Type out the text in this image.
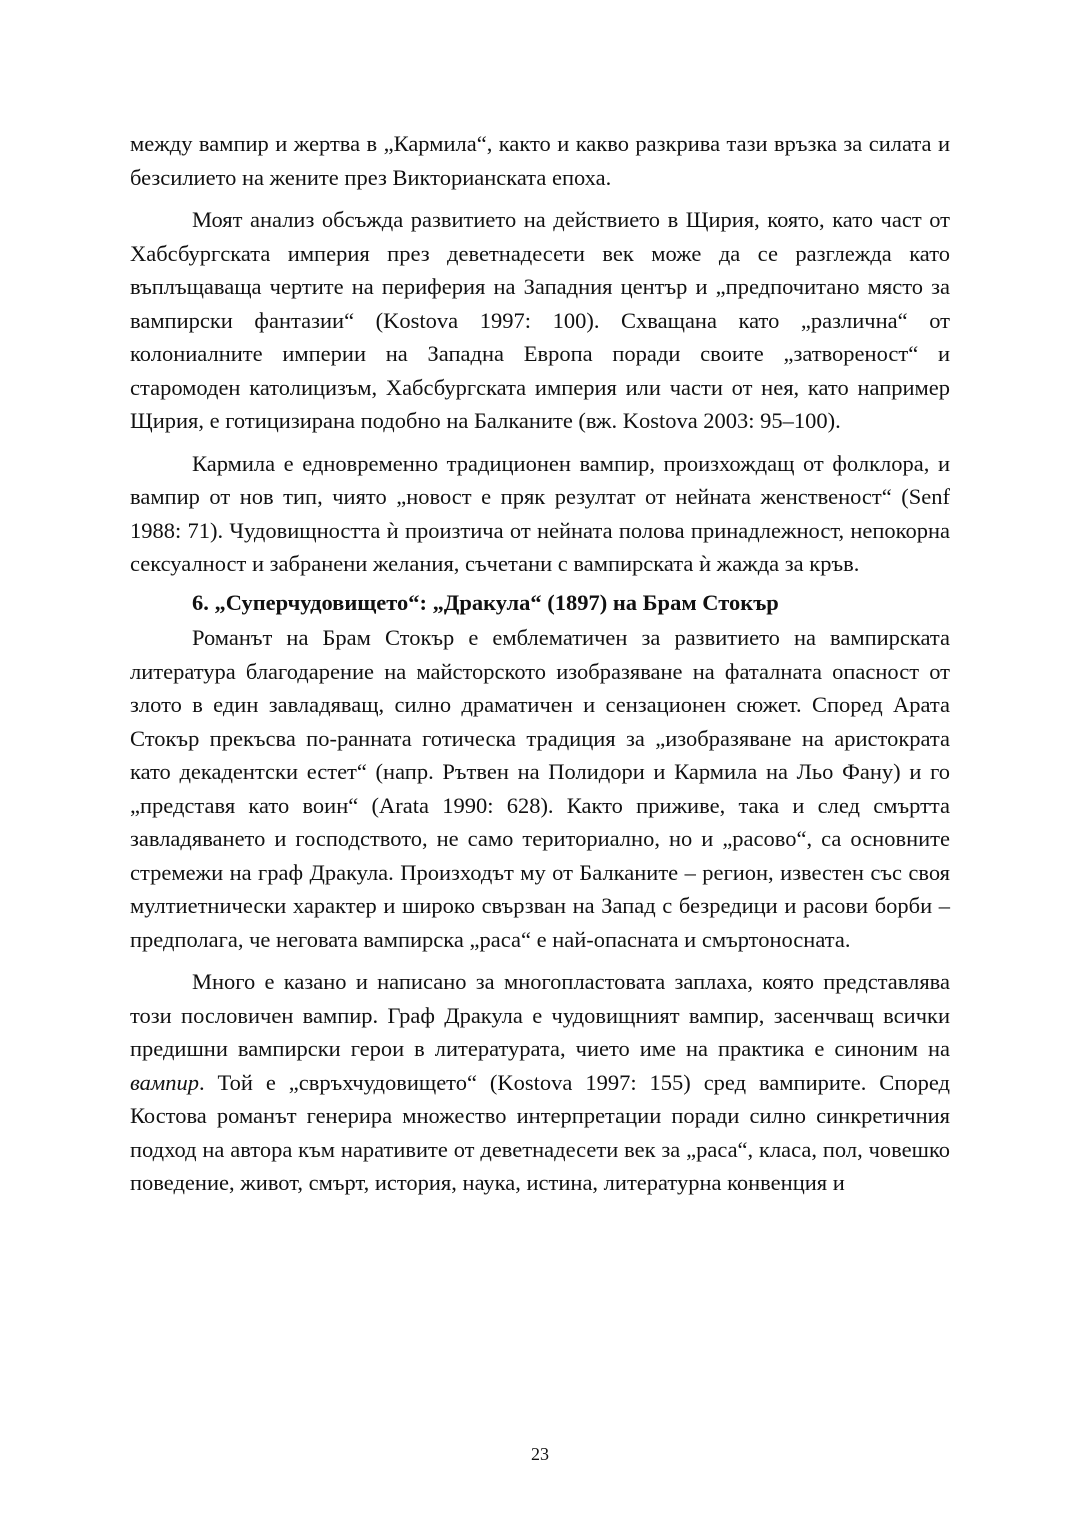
между вампир и жертва в „Кармила“, както и какво разкрива тази връзка за силата и безсилието на жените през Викторианската епоха.

Моят анализ обсъжда развитието на действието в Щирия, която, като част от Хабсбургската империя през деветнадесети век може да се разглежда като въплъщаваща чертите на периферия на Западния център и „предпочитано място за вампирски фантазии“ (Kostova 1997: 100). Схващана като „различна“ от колониалните империи на Западна Европа поради своите „затвореност“ и старомоден католицизъм, Хабсбургската империя или части от нея, като например Щирия, е готицизирана подобно на Балканите (вж. Kostova 2003: 95–100).

Кармила е едновременно традиционен вампир, произхождащ от фолклора, и вампир от нов тип, чиято „новост е пряк резултат от нейната женственост“ (Senf 1988: 71). Чудовищността ѝ произтича от нейната полова принадлежност, непокорна сексуалност и забранени желания, съчетани с вампирската ѝ жажда за кръв.

6. „Суперчудовището“: „Дракула“ (1897) на Брам Стокър

Романът на Брам Стокър е емблематичен за развитието на вампирската литература благодарение на майсторското изобразяване на фаталната опасност от злото в един завладяващ, силно драматичен и сензационен сюжет. Според Арата Стокър прекъсва по-ранната готическа традиция за „изобразяване на аристократа като декадентски естет“ (напр. Рътвен на Полидори и Кармила на Льо Фану) и го „представя като воин“ (Arata 1990: 628). Както приживе, така и след смъртта завладяването и господството, не само териториално, но и „расово“, са основните стремежи на граф Дракула. Произходът му от Балканите – регион, известен със своя мултиетнически характер и широко свързван на Запад с безредици и расови борби – предполага, че неговата вампирска „раса“ е най-опасната и смъртоносната.

Много е казано и написано за многопластовата заплаха, която представлява този пословичен вампир. Граф Дракула е чудовищният вампир, засенчващ всички предишни вампирски герои в литературата, чието име на практика е синоним на вампир. Той е „свръхчудовището“ (Kostova 1997: 155) сред вампирите. Според Костова романът генерира множество интерпретации поради силно синкретичния подход на автора към наративите от деветнадесети век за „раса“, класа, пол, човешко поведение, живот, смърт, история, наука, истина, литературна конвенция и

23
